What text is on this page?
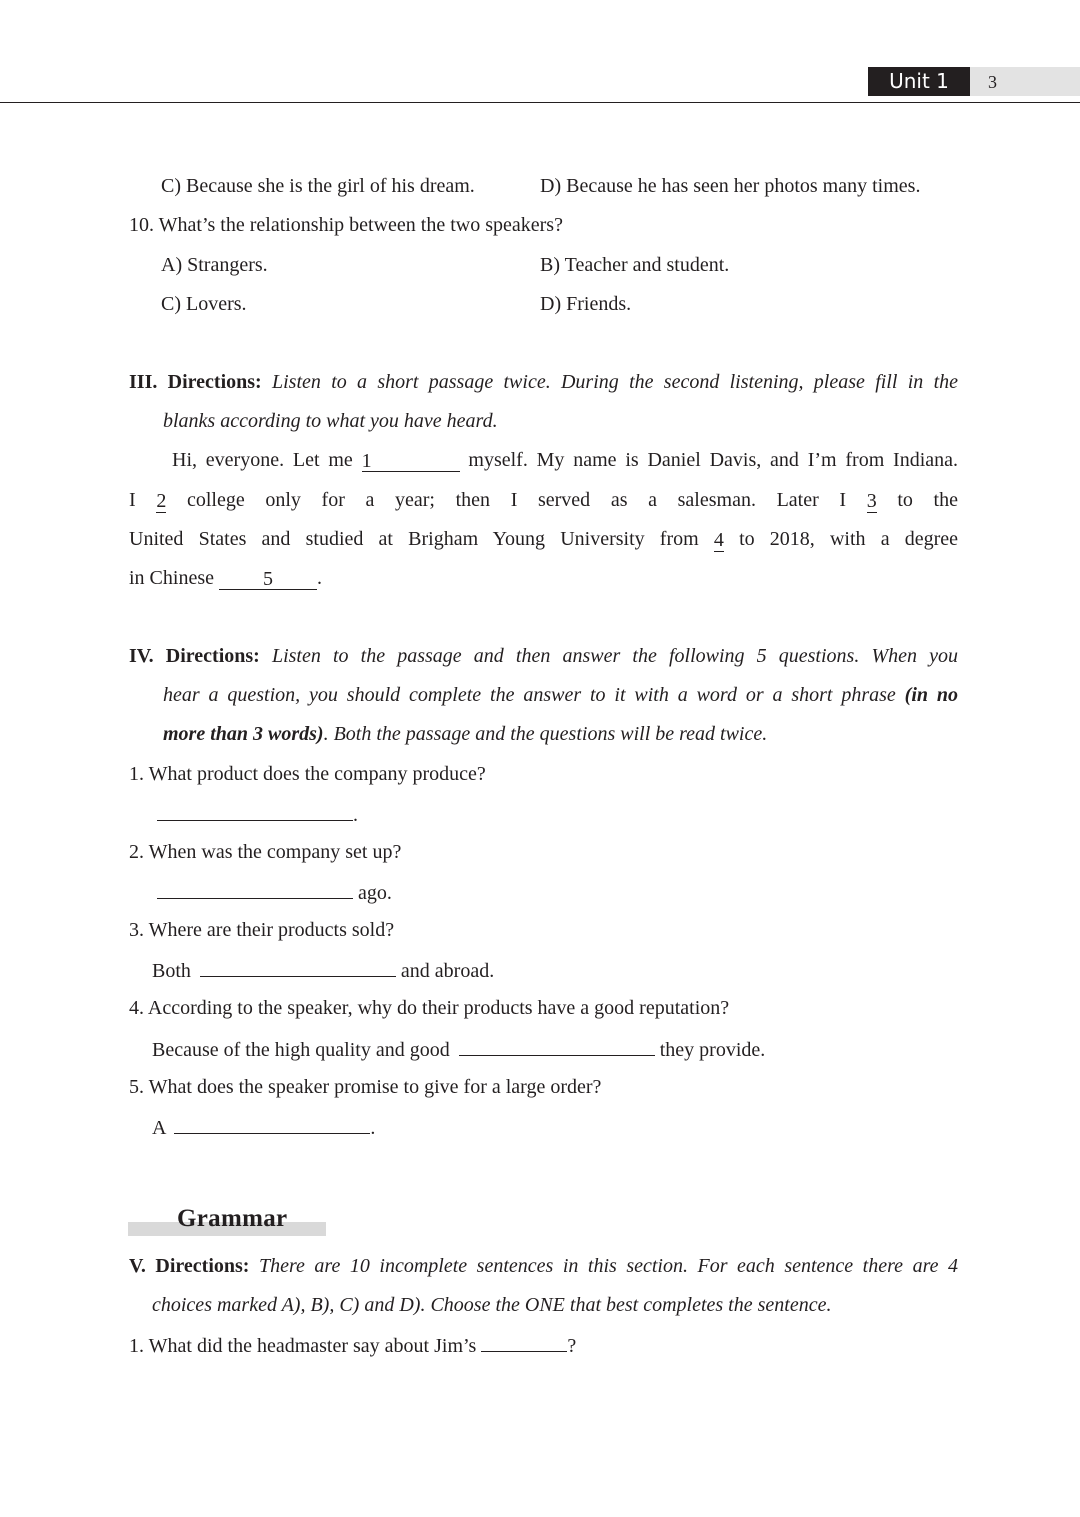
Unit 1	3
C) Because she is the girl of his dream.	D) Because he has seen her photos many times.
10. What’s the relationship between the two speakers?
A) Strangers.	B) Teacher and student.
C) Lovers.	D) Friends.
III. Directions: Listen to a short passage twice. During the second listening, please fill in the
blanks according to what you have heard.
Hi, everyone. Let me 1	myself. My name is Daniel Davis, and I’m from Indiana.
I 2 college only for a year; then I served as a salesman. Later I 3 to the
United States and studied at Brigham Young University from 4 to 2018, with a degree
in Chinese 5 .
IV. Directions: Listen to the passage and then answer the following 5 questions. When you
hear a question, you should complete the answer to it with a word or a short phrase (in no
more than 3 words). Both the passage and the questions will be read twice.
1. What product does the company produce?
.
2. When was the company set up?
ago.
3. Where are their products sold?
Both	and abroad.
4. According to the speaker, why do their products have a good reputation?
Because of the high quality and good	they provide.
5. What does the speaker promise to give for a large order?
A	.
Grammar
V. Directions: There are 10 incomplete sentences in this section. For each sentence there are 4
choices marked A), B), C) and D). Choose the ONE that best completes the sentence.
1. What did the headmaster say about Jim’s	?
